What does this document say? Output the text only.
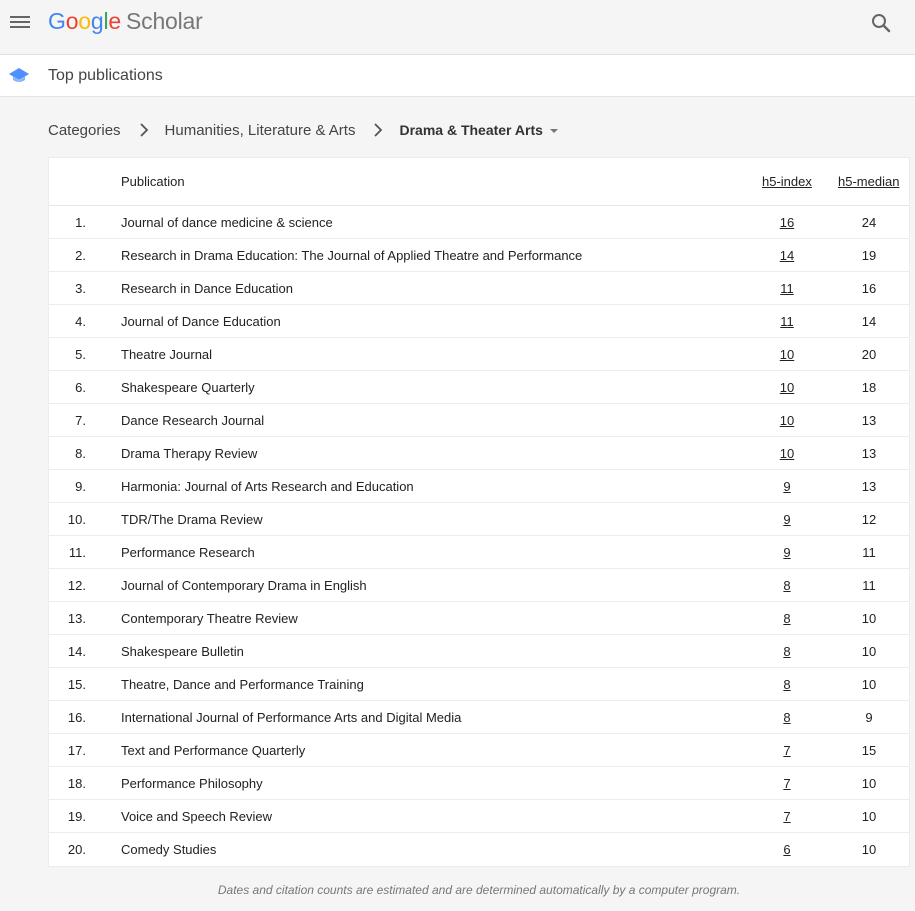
Google Scholar
Top publications
Categories	Humanities, Literature & Arts	Drama & Theater Arts
Publication	h5-index h5-median
1.	Journal of dance medicine & science	16	24
2.	Research in Drama Education: The Journal of Applied Theatre and Performance	14	19
3.	Research in Dance Education	11	16
4.	Journal of Dance Education	11	14
5.	Theatre Journal	10	20
6.	Shakespeare Quarterly	10	18
7.	Dance Research Journal	10	13
8.	Drama Therapy Review	10	13
9.	Harmonia: Journal of Arts Research and Education	9	13
10.	TDR/The Drama Review	9	12
11.	Performance Research	9	11
12.	Journal of Contemporary Drama in English	8	11
13.	Contemporary Theatre Review	8	10
14.	Shakespeare Bulletin	8	10
15.	Theatre, Dance and Performance Training	8	10
16.	International Journal of Performance Arts and Digital Media	8	9
17.	Text and Performance Quarterly	7	15
18.	Performance Philosophy	7	10
19.	Voice and Speech Review	7	10
20.	Comedy Studies	6	10
Dates and citation counts are estimated and are determined automatically by a computer program.
